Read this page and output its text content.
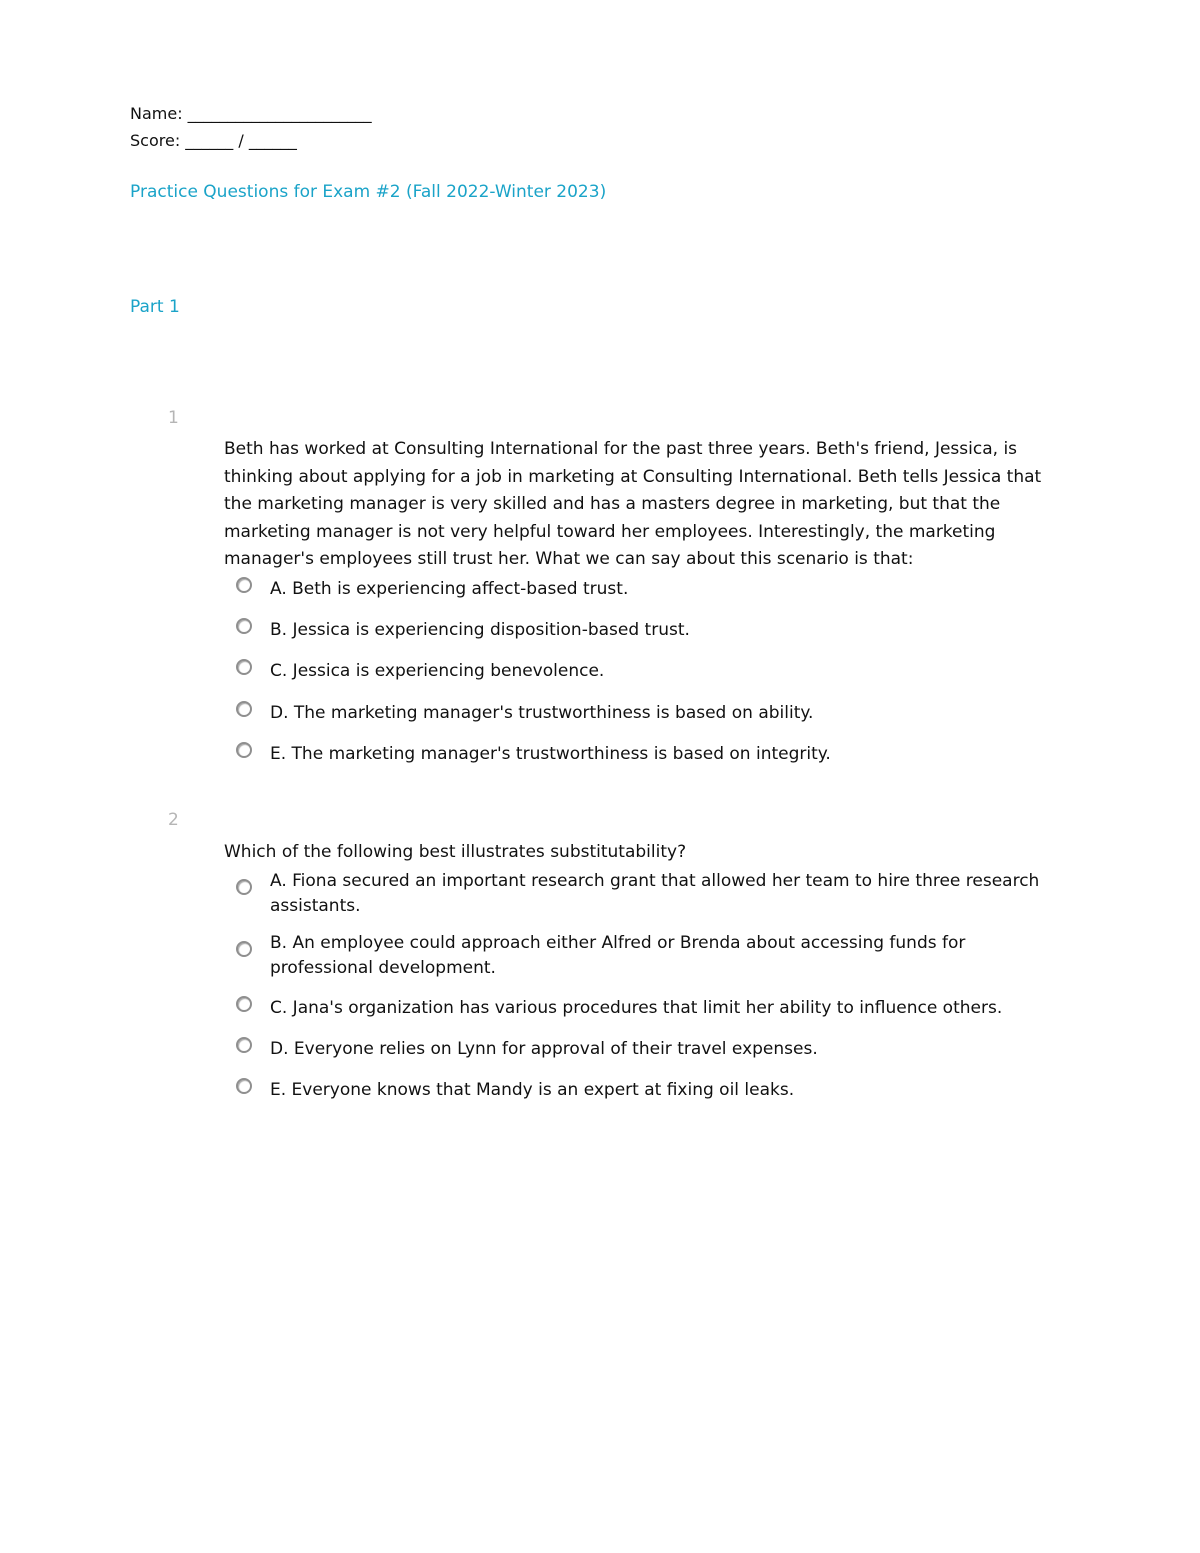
Name: _______________________
Score: ______ / ______
Practice Questions for Exam #2 (Fall 2022-Winter 2023)
Part 1
1
Beth has worked at Consulting International for the past three years. Beth's friend, Jessica, is thinking about applying for a job in marketing at Consulting International. Beth tells Jessica that the marketing manager is very skilled and has a masters degree in marketing, but that the marketing manager is not very helpful toward her employees. Interestingly, the marketing manager's employees still trust her. What we can say about this scenario is that:
A. Beth is experiencing affect-based trust.
B. Jessica is experiencing disposition-based trust.
C. Jessica is experiencing benevolence.
D. The marketing manager's trustworthiness is based on ability.
E. The marketing manager's trustworthiness is based on integrity.
2
Which of the following best illustrates substitutability?
A. Fiona secured an important research grant that allowed her team to hire three research assistants.
B. An employee could approach either Alfred or Brenda about accessing funds for professional development.
C. Jana's organization has various procedures that limit her ability to influence others.
D. Everyone relies on Lynn for approval of their travel expenses.
E. Everyone knows that Mandy is an expert at fixing oil leaks.
